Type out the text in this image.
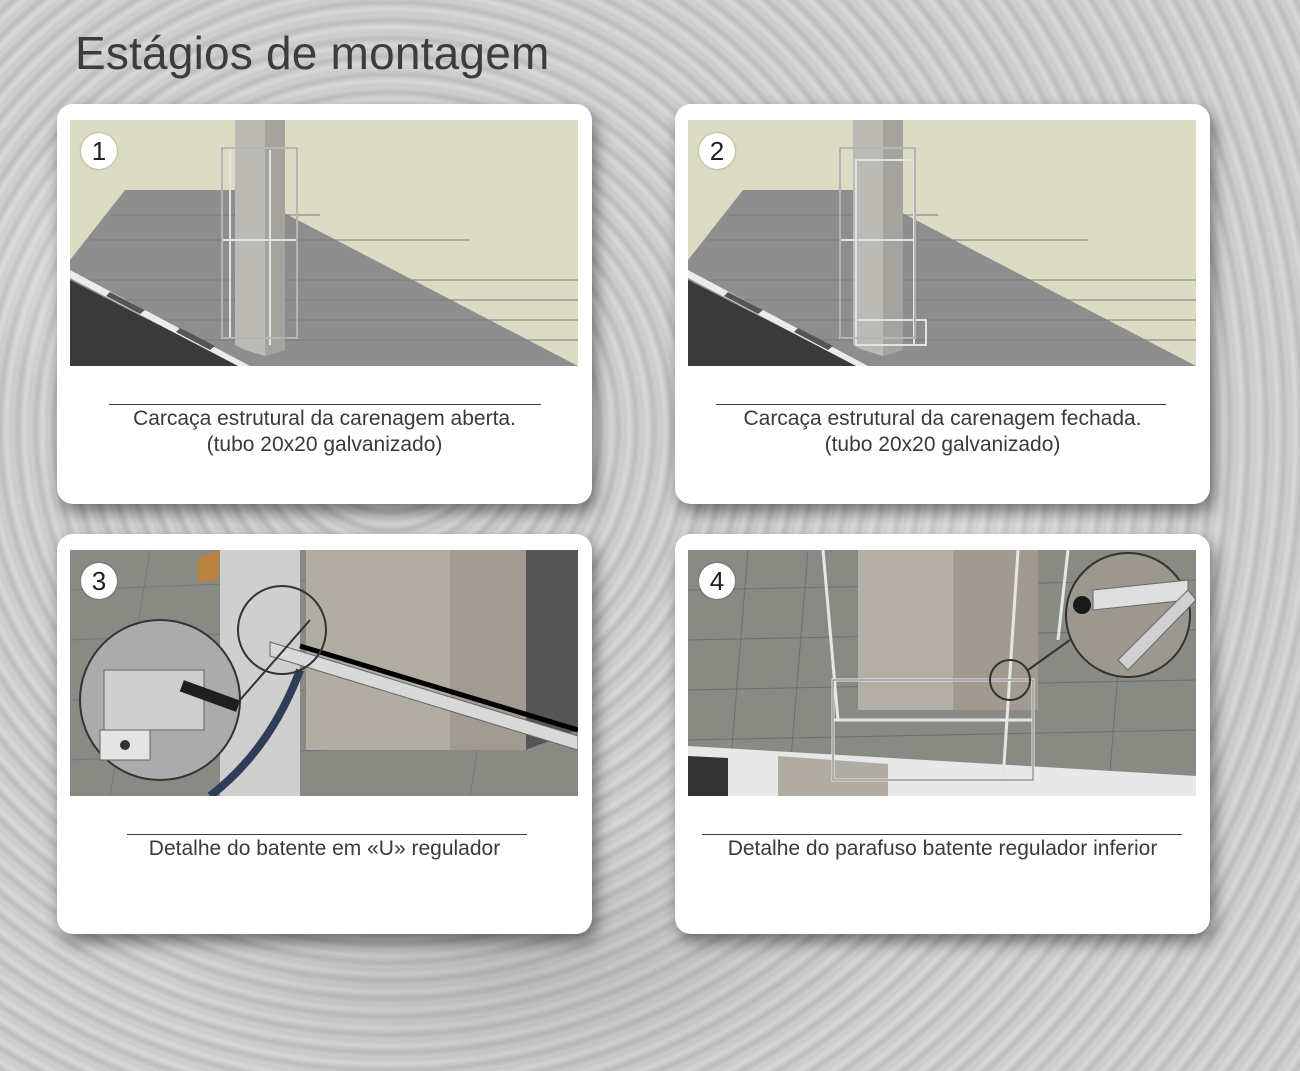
Estágios de montagem
1
Carcaça estrutural da carenagem aberta.
(tubo 20x20 galvanizado)
2
Carcaça estrutural da carenagem fechada.
(tubo 20x20 galvanizado)
3
Detalhe do batente em «U» regulador
4
Detalhe do parafuso batente regulador inferior
